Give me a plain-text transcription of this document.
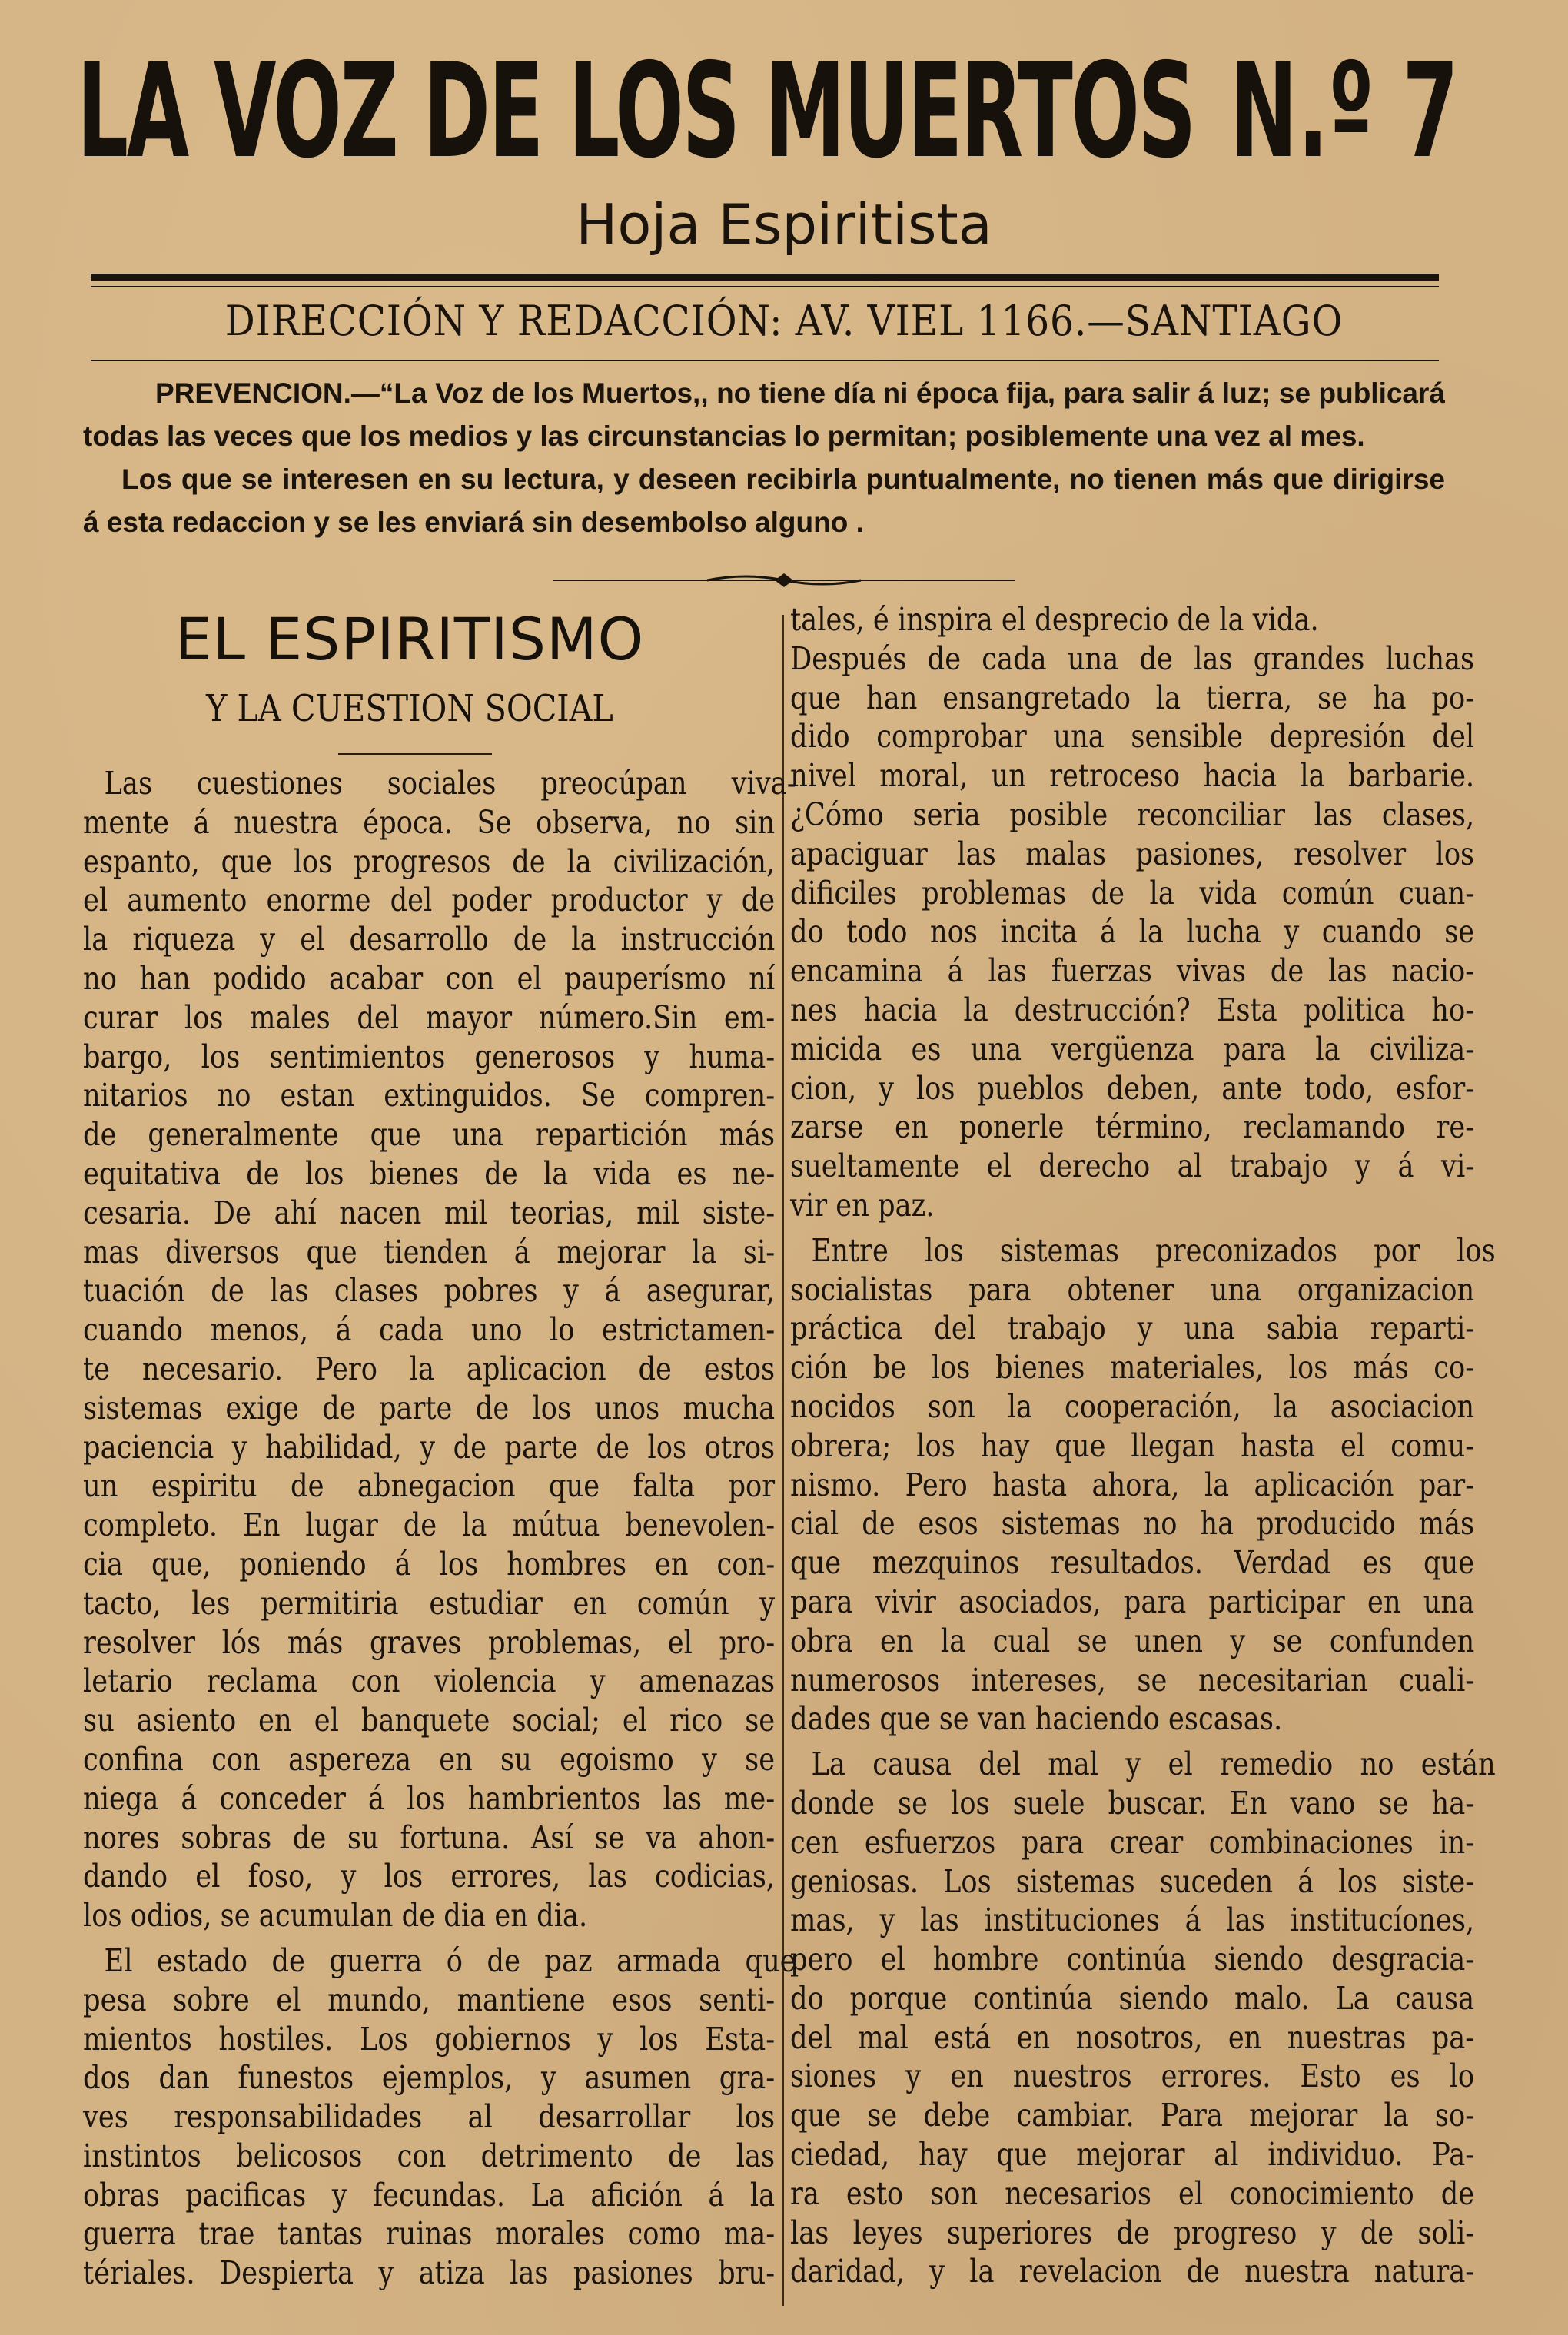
LA VOZ DE LOS MUERTOS N.º 7
Hoja Espiritista
DIRECCIÓN Y REDACCIÓN: AV. VIEL 1166.—SANTIAGO

PREVENCION.—“La Voz de los Muertos,, no tiene día ni época fija, para salir á luz; se publicará todas las veces que los medios y las circunstancias lo permitan; posiblemente una vez al mes.

Los que se interesen en su lectura, y deseen recibirla puntualmente, no tienen más que dirigirse á esta redaccion y se les enviará sin desembolso alguno .

EL ESPIRITISMO
Y LA CUESTION SOCIAL
Las cuestiones sociales preocúpan viva-
mente á nuestra época. Se observa, no sin
espanto, que los progresos de la civilización,
el aumento enorme del poder productor y de
la riqueza y el desarrollo de la instrucción
no han podido acabar con el pauperísmo ní
curar los males del mayor número.Sin em-
bargo, los sentimientos generosos y huma-
nitarios no estan extinguidos. Se compren-
de generalmente que una repartición más
equitativa de los bienes de la vida es ne-
cesaria. De ahí nacen mil teorias, mil siste-
mas diversos que tienden á mejorar la si-
tuación de las clases pobres y á asegurar,
cuando menos, á cada uno lo estrictamen-
te necesario. Pero la aplicacion de estos
sistemas exige de parte de los unos mucha
paciencia y habilidad, y de parte de los otros
un espiritu de abnegacion que falta por
completo. En lugar de la mútua benevolen-
cia que, poniendo á los hombres en con-
tacto, les permitiria estudiar en común y
resolver lós más graves problemas, el pro-
letario reclama con violencia y amenazas
su asiento en el banquete social; el rico se
confina con aspereza en su egoismo y se
niega á conceder á los hambrientos las me-
nores sobras de su fortuna. Así se va ahon-
dando el foso, y los errores, las codicias,
los odios, se acumulan de dia en dia.
El estado de guerra ó de paz armada que
pesa sobre el mundo, mantiene esos senti-
mientos hostiles. Los gobiernos y los Esta-
dos dan funestos ejemplos, y asumen gra-
ves responsabilidades al desarrollar los
instintos belicosos con detrimento de las
obras pacificas y fecundas. La afición á la
guerra trae tantas ruinas morales como ma-
tériales. Despierta y atiza las pasiones bru-
tales, é inspira el desprecio de la vida.
Después de cada una de las grandes luchas
que han ensangretado la tierra, se ha po-
dido comprobar una sensible depresión del
nivel moral, un retroceso hacia la barbarie.
¿Cómo seria posible reconciliar las clases,
apaciguar las malas pasiones, resolver los
dificiles problemas de la vida común cuan-
do todo nos incita á la lucha y cuando se
encamina á las fuerzas vivas de las nacio-
nes hacia la destrucción? Esta politica ho-
micida es una vergüenza para la civiliza-
cion, y los pueblos deben, ante todo, esfor-
zarse en ponerle término, reclamando re-
sueltamente el derecho al trabajo y á vi-
vir en paz.
Entre los sistemas preconizados por los
socialistas para obtener una organizacion
práctica del trabajo y una sabia reparti-
ción be los bienes materiales, los más co-
nocidos son la cooperación, la asociacion
obrera; los hay que llegan hasta el comu-
nismo. Pero hasta ahora, la aplicación par-
cial de esos sistemas no ha producido más
que mezquinos resultados. Verdad es que
para vivir asociados, para participar en una
obra en la cual se unen y se confunden
numerosos intereses, se necesitarian cuali-
dades que se van haciendo escasas.
La causa del mal y el remedio no están
donde se los suele buscar. En vano se ha-
cen esfuerzos para crear combinaciones in-
geniosas. Los sistemas suceden á los siste-
mas, y las instituciones á las institucíones,
pero el hombre continúa siendo desgracia-
do porque continúa siendo malo. La causa
del mal está en nosotros, en nuestras pa-
siones y en nuestros errores. Esto es lo
que se debe cambiar. Para mejorar la so-
ciedad, hay que mejorar al individuo. Pa-
ra esto son necesarios el conocimiento de
las leyes superiores de progreso y de soli-
daridad, y la revelacion de nuestra natura-
